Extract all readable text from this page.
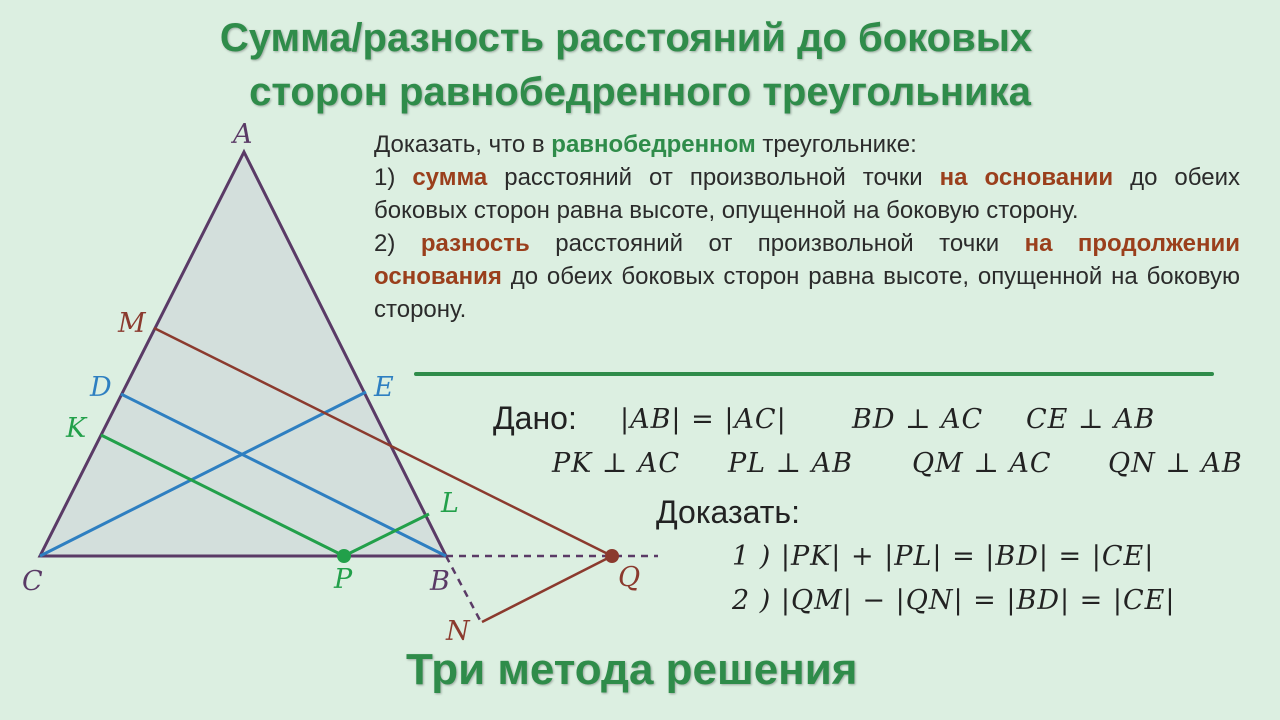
Сумма/разность расстояний до боковых
сторон равнобедренного треугольника
A
B
C
D	E
K
L
M
N
P	Q

Доказать, что в равнобедренном треугольнике:

1) сумма расстояний от произвольной точки на основании до обеих боковых сторон равна высоте, опущенной на боковую сторону.

2) разность расстояний от произвольной точки на продолжении основания до обеих боковых сторон равна высоте, опущенной на боковую сторону.

Дано: |AB| = |AC| BD ⊥ AC CE ⊥ AB
PK ⊥ AC PL ⊥ AB QM ⊥ AC QN ⊥ AB
Доказать:
1 ) |PK| + |PL| = |BD| = |CE|
2 ) |QM| − |QN| = |BD| = |CE|
Три метода решения
